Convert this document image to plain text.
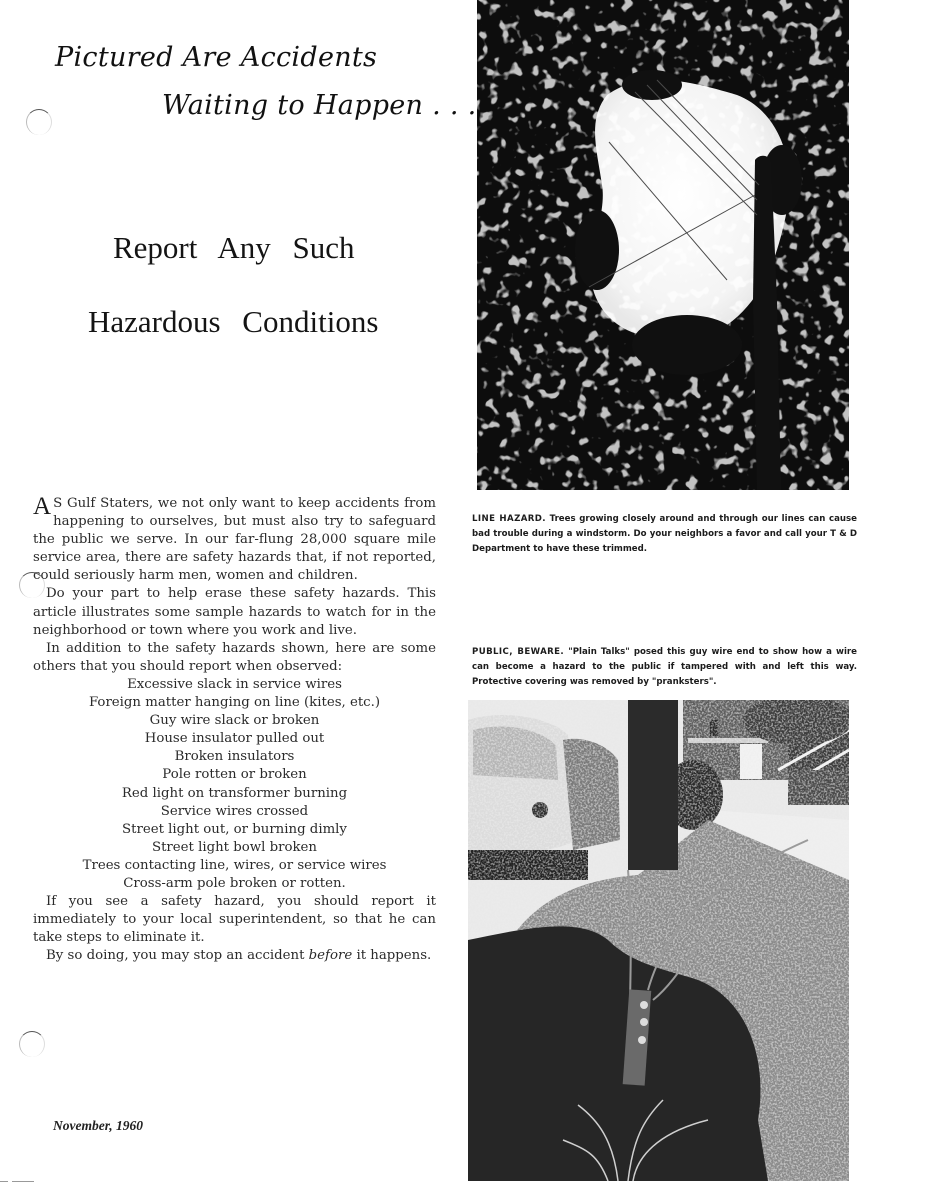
Pictured Are Accidents
Waiting to Happen . . .
Report Any Such
Hazardous Conditions

A S Gulf Staters, we not only want to keep accidents from happening to ourselves, but must also try to safeguard the public we serve. In our far-flung 28,000 square mile service area, there are safety hazards that, if not reported, could seriously harm men, women and children.

Do your part to help erase these safety hazards. This article illustrates some sample hazards to watch for in the neighborhood or town where you work and live.

In addition to the safety hazards shown, here are some others that you should report when observed:

Excessive slack in service wires
Foreign matter hanging on line (kites, etc.)
Guy wire slack or broken
House insulator pulled out
Broken insulators
Pole rotten or broken
Red light on transformer burning
Service wires crossed
Street light out, or burning dimly
Street light bowl broken
Trees contacting line, wires, or service wires
Cross-arm pole broken or rotten.

If you see a safety hazard, you should report it immediately to your local superintendent, so that he can take steps to eliminate it.

By so doing, you may stop an accident before it happens.

November, 1960
LINE HAZARD. Trees growing closely around and through our lines can cause bad trouble during a windstorm. Do your neighbors a favor and call your T & D Department to have these trimmed.
PUBLIC, BEWARE. "Plain Talks" posed this guy wire end to show how a wire can become a hazard to the public if tampered with and left this way. Protective covering was removed by "pranksters".
